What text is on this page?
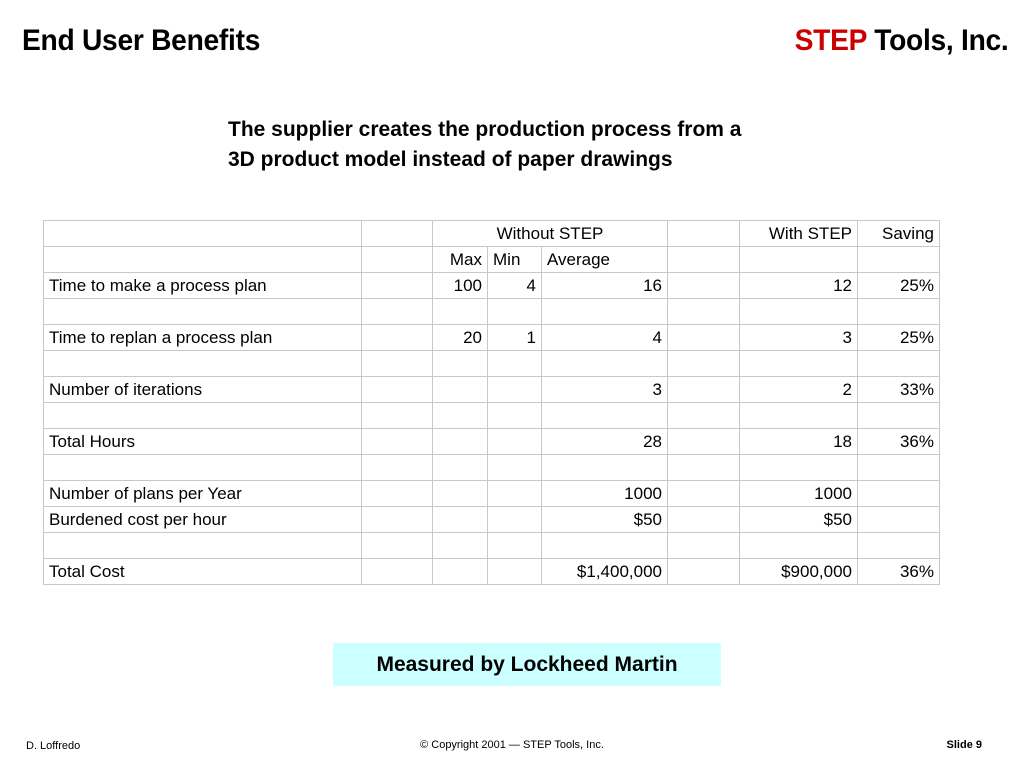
End User Benefits	STEP Tools, Inc.
The supplier creates the production process from a
3D product model instead of paper drawings
		Without STEP				With STEP	Saving
		Max	Min	Average			
Time to make a process plan		100	4	16		12	25%

Time to replan a process plan		20	1	4		3	25%

Number of iterations				3		2	33%

Total Hours				28		18	36%

Number of plans per Year				1000		1000	
Burdened cost per hour				$50		$50	

Total Cost				$1,400,000		$900,000	36%
Measured by Lockheed Martin
D. Loffredo	© Copyright 2001 — STEP Tools, Inc.	Slide 9
